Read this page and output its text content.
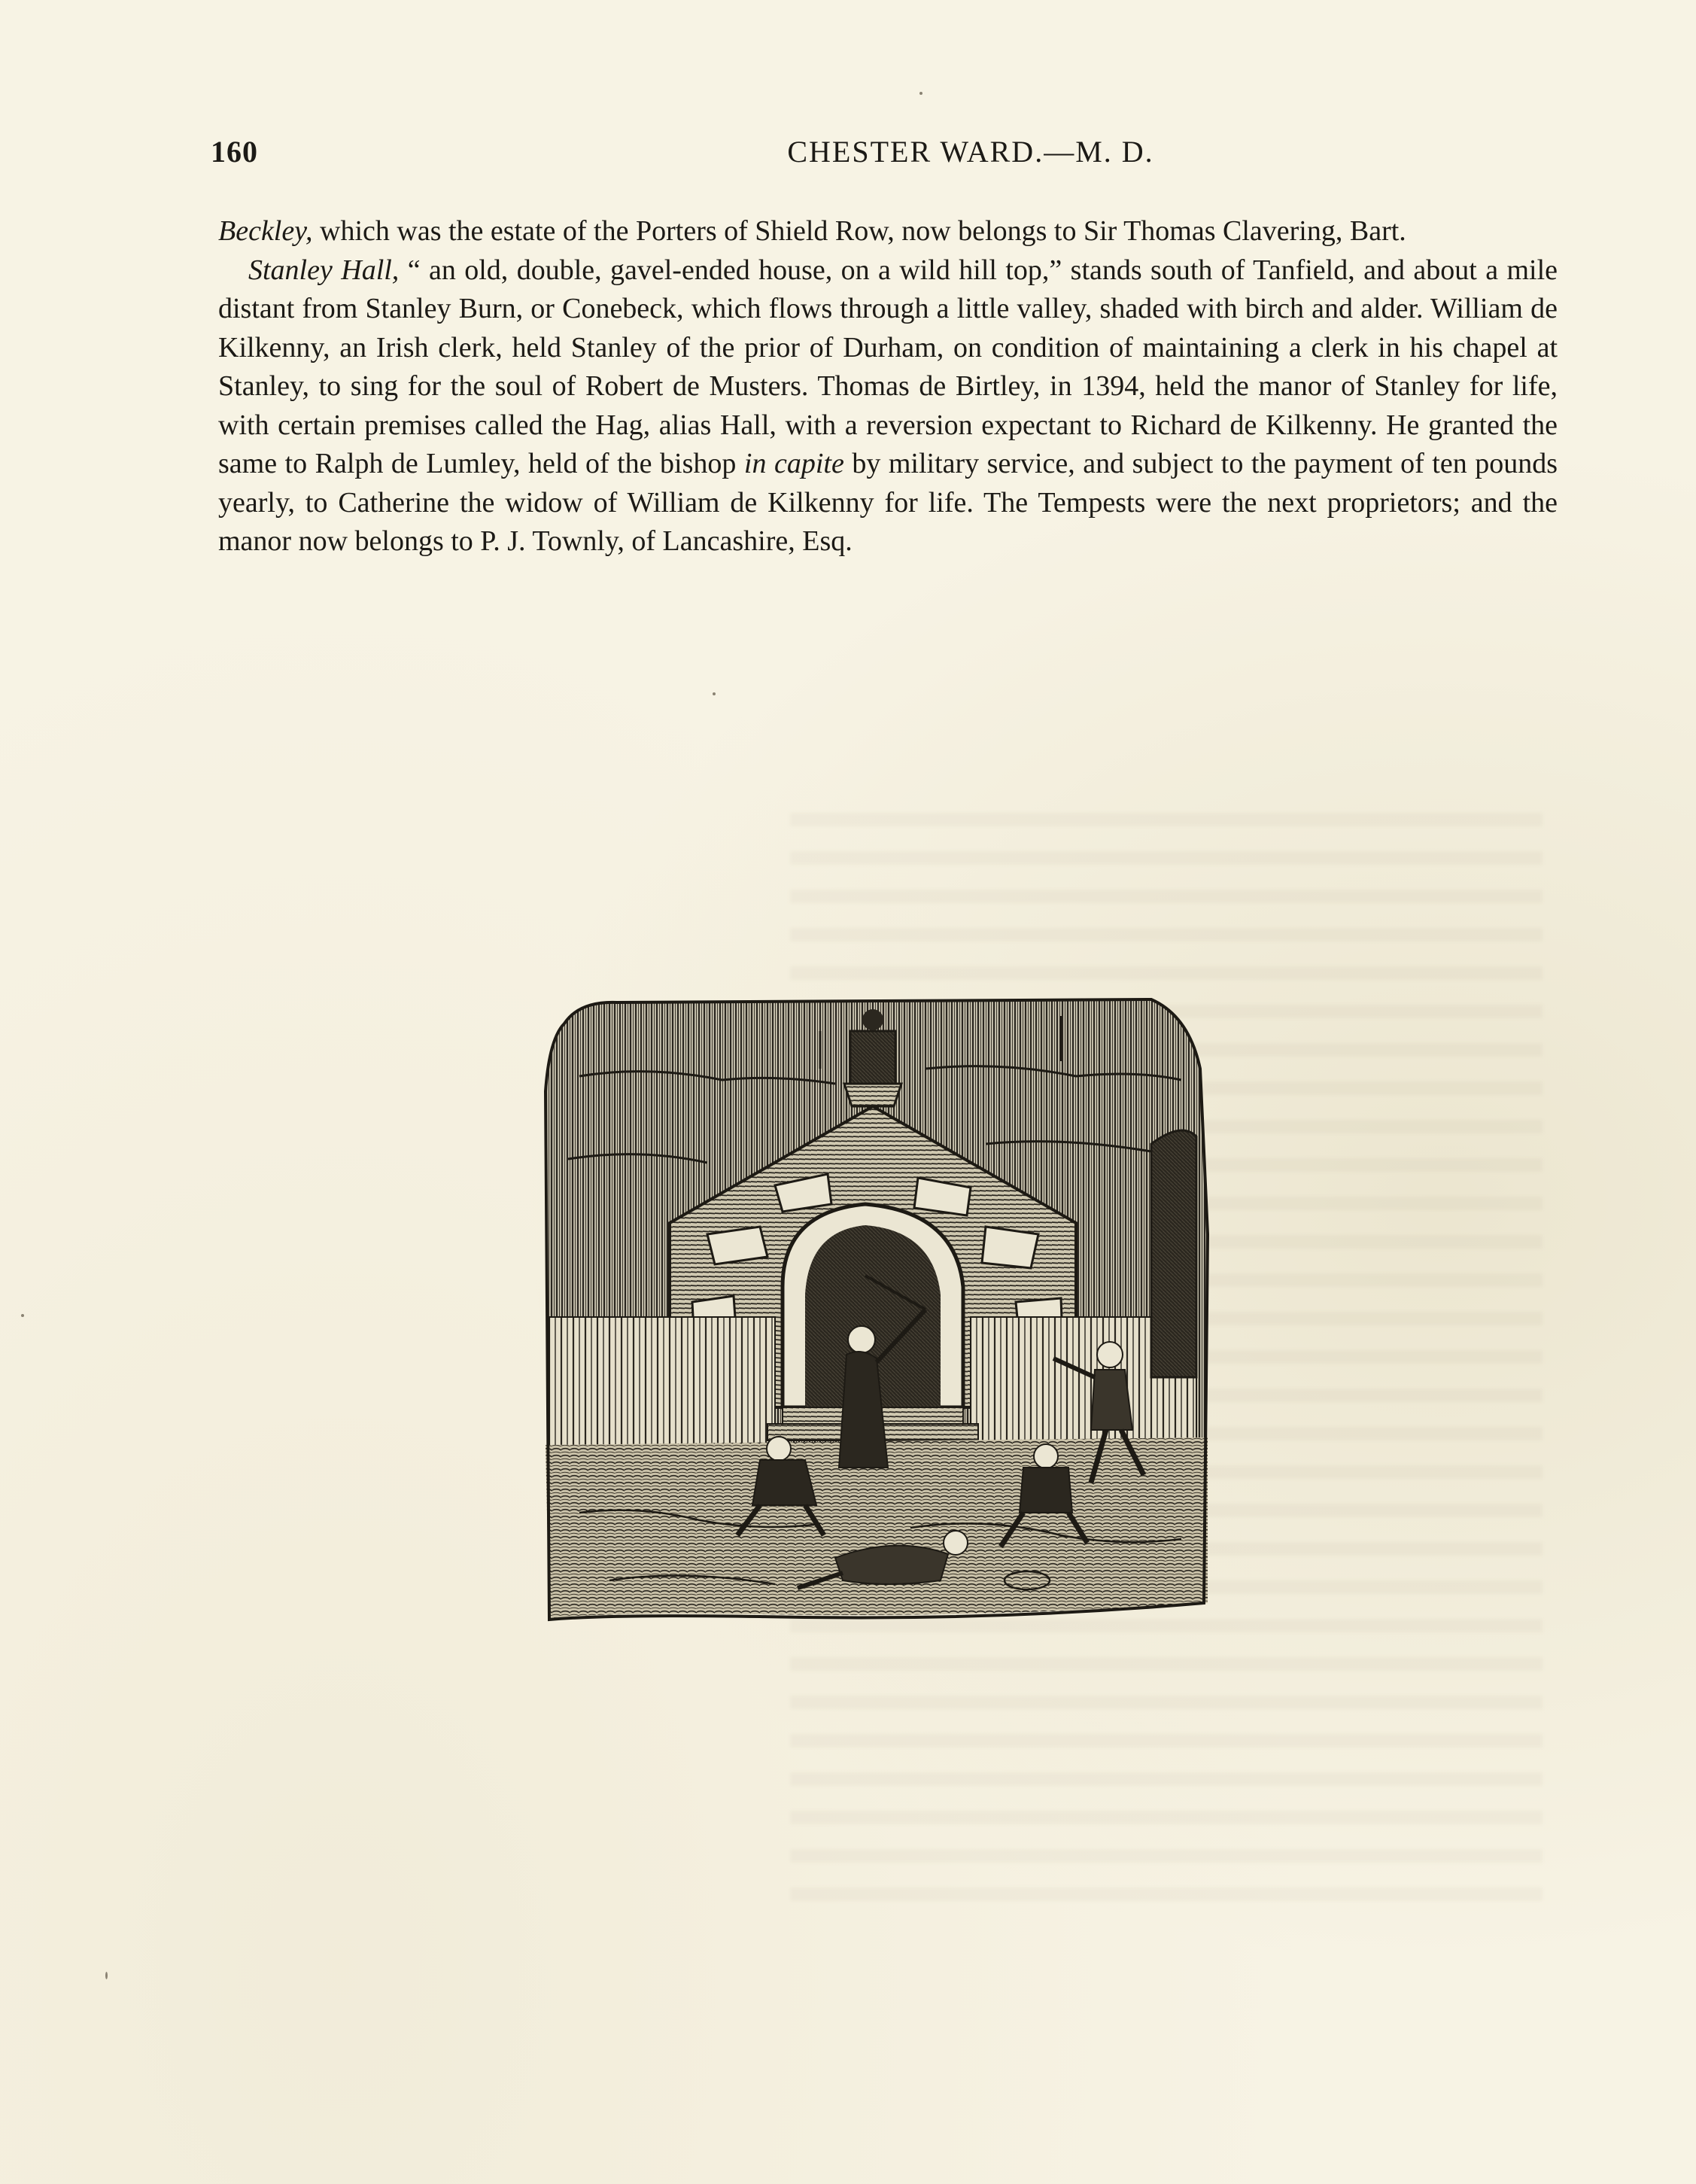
160	CHESTER WARD.—M. D.

Beckley, which was the estate of the Porters of Shield Row, now belongs to Sir Thomas Clavering, Bart.

Stanley Hall, “ an old, double, gavel-ended house, on a wild hill top,” stands south of Tanfield, and about a mile distant from Stanley Burn, or Conebeck, which flows through a little valley, shaded with birch and alder. William de Kilkenny, an Irish clerk, held Stanley of the prior of Durham, on condition of maintaining a clerk in his chapel at Stanley, to sing for the soul of Robert de Musters. Thomas de Birtley, in 1394, held the manor of Stanley for life, with certain premises called the Hag, alias Hall, with a reversion expectant to Richard de Kilkenny. He granted the same to Ralph de Lumley, held of the bishop in capite by military service, and subject to the payment of ten pounds yearly, to Catherine the widow of William de Kilkenny for life. The Tempests were the next proprietors; and the manor now belongs to P. J. Townly, of Lancashire, Esq.
